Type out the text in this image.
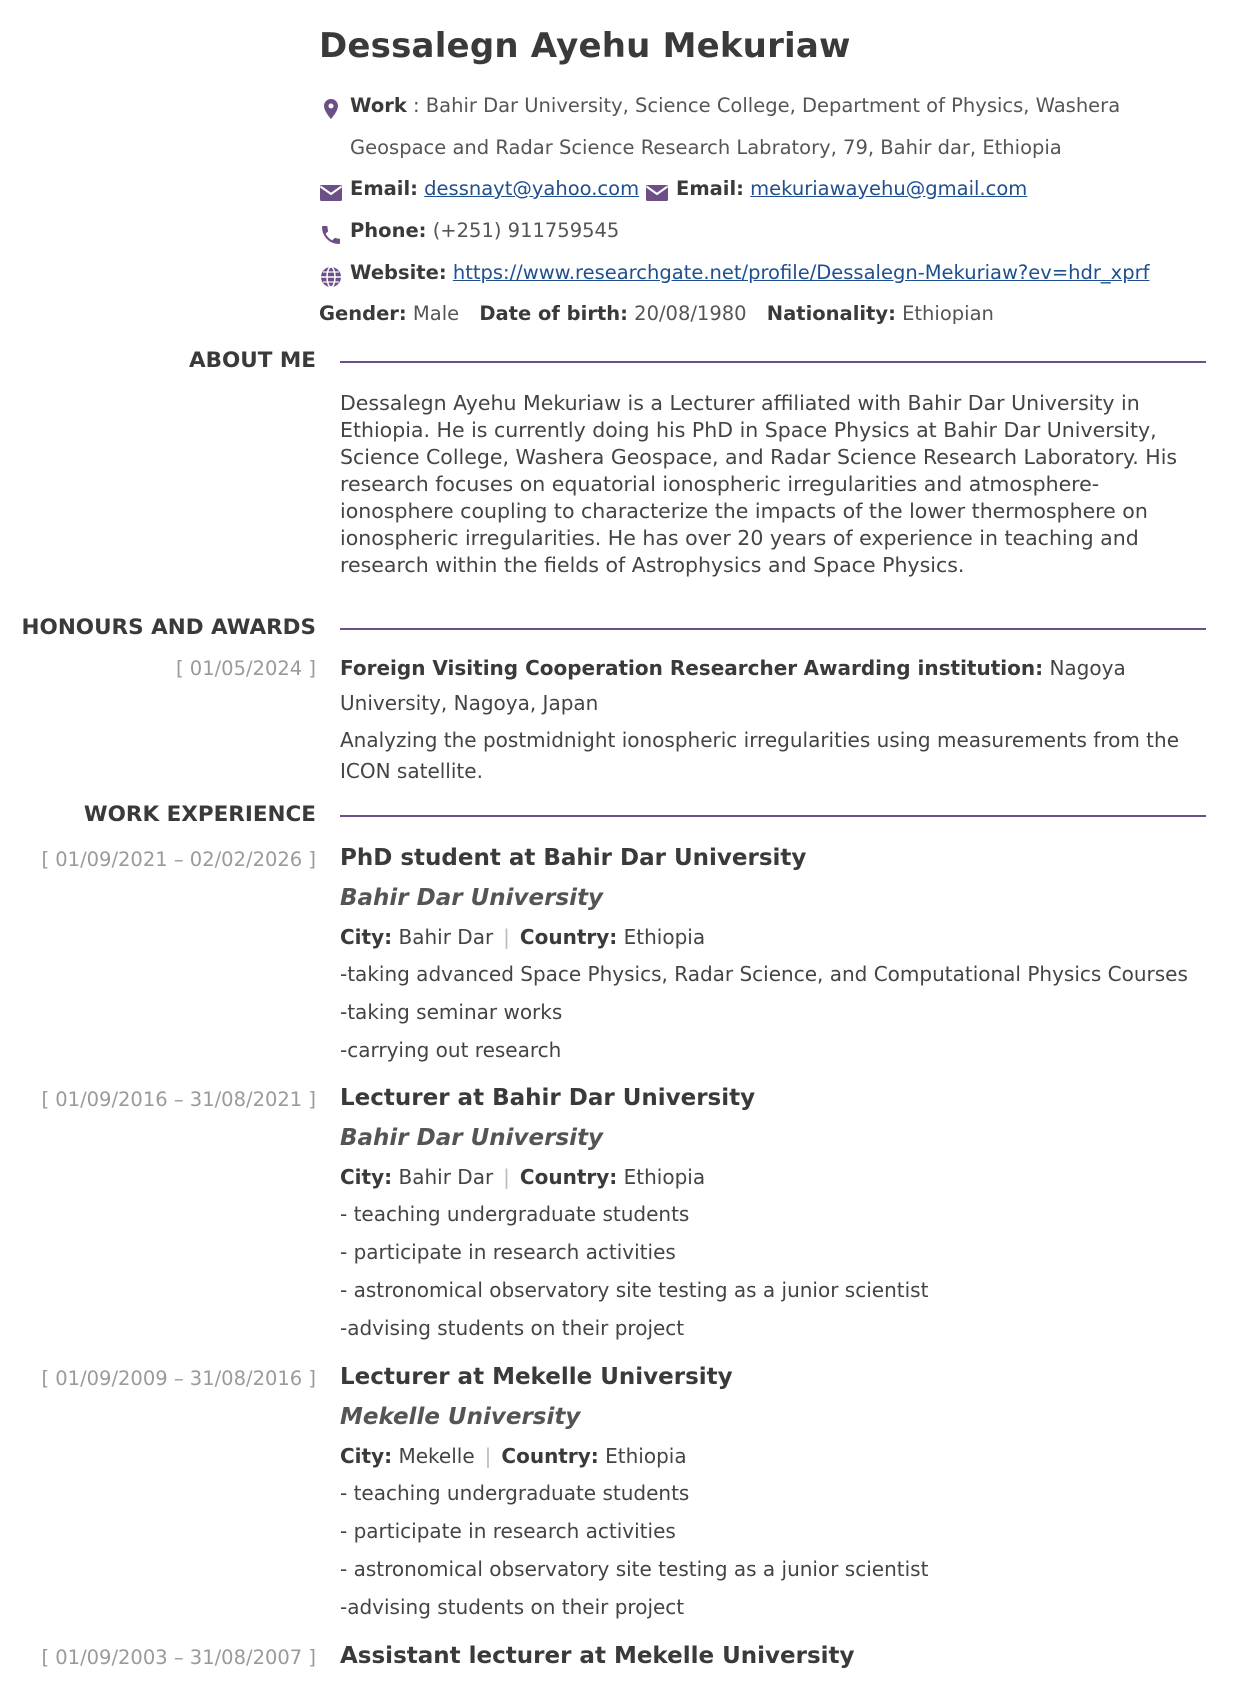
Dessalegn Ayehu Mekuriaw
Work : Bahir Dar University, Science College, Department of Physics, Washera
Geospace and Radar Science Research Labratory, 79, Bahir dar, Ethiopia
Email: dessnayt@yahoo.com Email: mekuriawayehu@gmail.com
Phone: (+251) 911759545
Website: https://www.researchgate.net/profile/Dessalegn-Mekuriaw?ev=hdr_xprf
Gender: Male Date of birth: 20/08/1980 Nationality: Ethiopian
ABOUT ME
Dessalegn Ayehu Mekuriaw is a Lecturer affiliated with Bahir Dar University in Ethiopia. He is currently doing his PhD in Space Physics at Bahir Dar University, Science College, Washera Geospace, and Radar Science Research Laboratory. His research focuses on equatorial ionospheric irregularities and atmosphere-ionosphere coupling to characterize the impacts of the lower thermosphere on ionospheric irregularities. He has over 20 years of experience in teaching and research within the fields of Astrophysics and Space Physics.
HONOURS AND AWARDS
[ 01/05/2024 ] Foreign Visiting Cooperation Researcher Awarding institution: Nagoya University, Nagoya, Japan
Analyzing the postmidnight ionospheric irregularities using measurements from the ICON satellite.
WORK EXPERIENCE
[ 01/09/2021 – 02/02/2026 ] PhD student at Bahir Dar University
Bahir Dar University
City: Bahir Dar | Country: Ethiopia
-taking advanced Space Physics, Radar Science, and Computational Physics Courses
-taking seminar works
-carrying out research
[ 01/09/2016 – 31/08/2021 ] Lecturer at Bahir Dar University
Bahir Dar University
City: Bahir Dar | Country: Ethiopia
- teaching undergraduate students
- participate in research activities
- astronomical observatory site testing as a junior scientist
-advising students on their project
[ 01/09/2009 – 31/08/2016 ] Lecturer at Mekelle University
Mekelle University
City: Mekelle | Country: Ethiopia
- teaching undergraduate students
- participate in research activities
- astronomical observatory site testing as a junior scientist
-advising students on their project
[ 01/09/2003 – 31/08/2007 ] Assistant lecturer at Mekelle University
